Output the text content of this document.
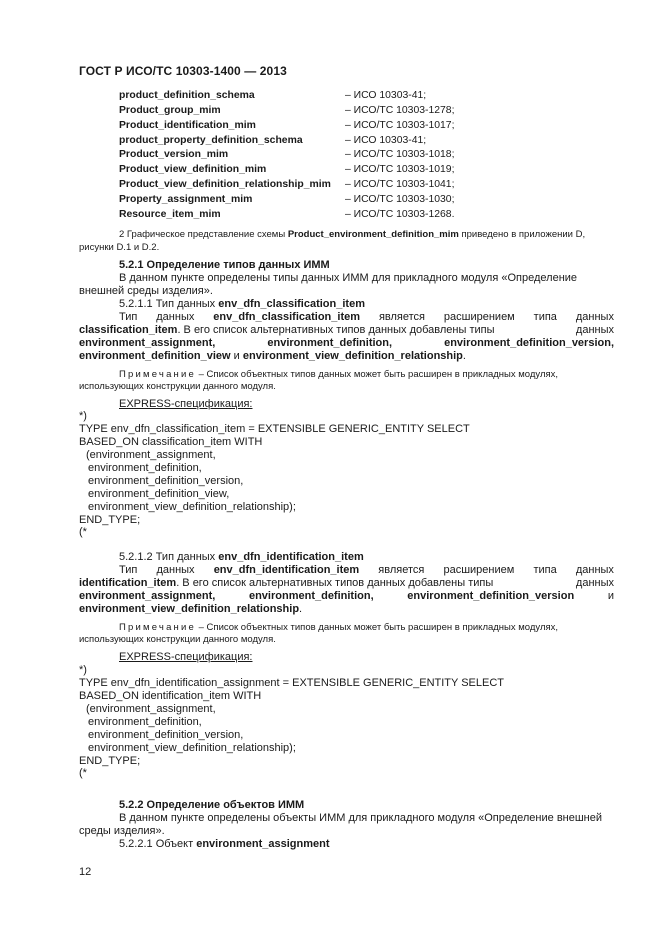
ГОСТ Р ИСО/ТС 10303-1400 — 2013
product_definition_schema	– ИСО 10303-41;
Product_group_mim	– ИСО/ТС 10303-1278;
Product_identification_mim	– ИСО/ТС 10303-1017;
product_property_definition_schema	– ИСО 10303-41;
Product_version_mim	– ИСО/ТС 10303-1018;
Product_view_definition_mim	– ИСО/ТС 10303-1019;
Product_view_definition_relationship_mim – ИСО/ТС 10303-1041;
Property_assignment_mim	– ИСО/ТС 10303-1030;
Resource_item_mim	– ИСО/ТС 10303-1268.
2 Графическое представление схемы Product_environment_definition_mim приведено в приложении D,
рисунки D.1 и D.2.
5.2.1 Определение типов данных ИММ
В данном пункте определены типы данных ИММ для прикладного модуля «Определение
внешней среды изделия».
5.2.1.1 Тип данных env_dfn_classification_item
Тип данных env_dfn_classification_item является расширением типа данных
classification_item. В его список альтернативных типов данных добавлены типы	данных
environment_assignment,	environment_definition,	environment_definition_version,
environment_definition_view и environment_view_definition_relationship.
Примечание – Список объектных типов данных может быть расширен в прикладных модулях,
использующих конструкции данного модуля.
EXPRESS-спецификация:
*)
TYPE env_dfn_classification_item = EXTENSIBLE GENERIC_ENTITY SELECT
BASED_ON classification_item WITH
(environment_assignment,
environment_definition,
environment_definition_version,
environment_definition_view,
environment_view_definition_relationship);
END_TYPE;
(*
5.2.1.2 Тип данных env_dfn_identification_item
Тип данных env_dfn_identification_item является расширением типа данных
identification_item. В его список альтернативных типов данных добавлены типы	данных
environment_assignment,	environment_definition,	environment_definition_version	и
environment_view_definition_relationship.
Примечание – Список объектных типов данных может быть расширен в прикладных модулях,
использующих конструкции данного модуля.
EXPRESS-спецификация:
*)
TYPE env_dfn_identification_assignment = EXTENSIBLE GENERIC_ENTITY SELECT
BASED_ON identification_item WITH
(environment_assignment,
environment_definition,
environment_definition_version,
environment_view_definition_relationship);
END_TYPE;
(*
5.2.2 Определение объектов ИММ
В данном пункте определены объекты ИММ для прикладного модуля «Определение внешней
среды изделия».
5.2.2.1 Объект environment_assignment
12
